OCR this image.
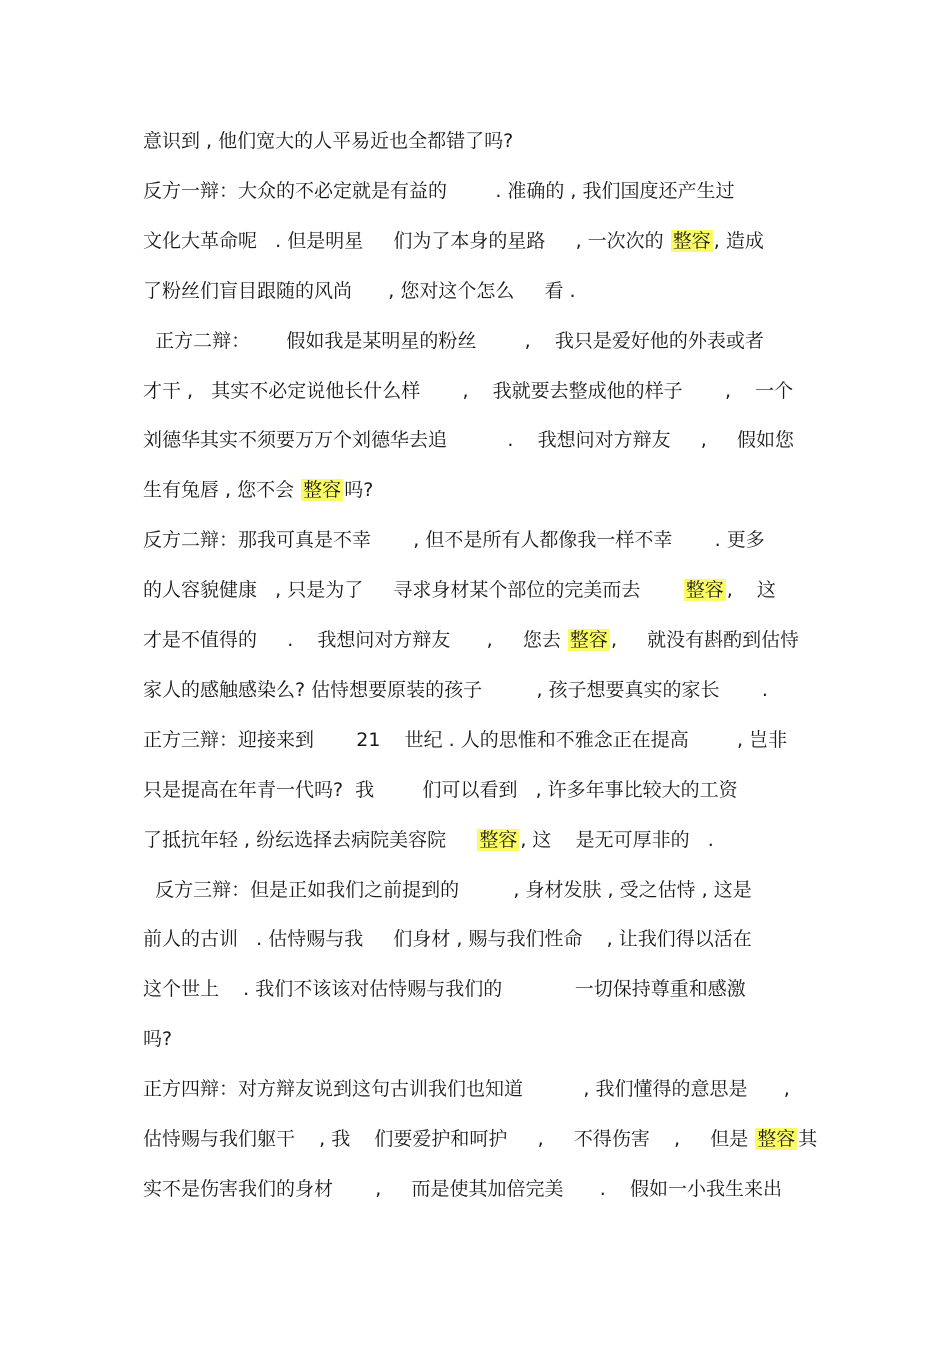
意识到 , 他们宽大的人平易近也全都错了吗?
反方一辩：大众的不必定就是有益的        . 准确的 , 我们国度还产生过
文化大革命呢   . 但是明星     们为了本身的星路     , 一次次的 整容 , 造成
了粉丝们盲目跟随的风尚      , 您对这个怎么     看 .
正方二辩：      假如我是某明星的粉丝        ,    我只是爱好他的外表或者
才干 ,   其实不必定说他长什么样       ,    我就要去整成他的样子       ,    一个
刘德华其实不须要万万个刘德华去追          .    我想问对方辩友     ,     假如您
生有兔唇 , 您不会 整容 吗?
反方二辩：那我可真是不幸       , 但不是所有人都像我一样不幸       . 更多
的人容貌健康   , 只是为了     寻求身材某个部位的完美而去       整容 ,    这
才是不值得的     .    我想问对方辩友      ,     您去 整容 ,     就没有斟酌到估恃
家人的感触感染么? 估恃想要原装的孩子         , 孩子想要真实的家长       .
正方三辩：迎接来到       21    世纪 . 人的思惟和不雅念正在提高        , 岂非
只是提高在年青一代吗?  我        们可以看到   , 许多年事比较大的工资
了抵抗年轻 , 纷纭选择去病院美容院     整容 , 这    是无可厚非的   .
反方三辩：但是正如我们之前提到的         , 身材发肤 , 受之估恃 , 这是
前人的古训   . 估恃赐与我     们身材 , 赐与我们性命    , 让我们得以活在
这个世上    . 我们不该该对估恃赐与我们的            一切保持尊重和感激
吗?
正方四辩：对方辩友说到这句古训我们也知道          , 我们懂得的意思是      ,
估恃赐与我们躯干    , 我    们要爱护和呵护     ,     不得伤害    ,     但是 整容 其
实不是伤害我们的身材       ,     而是使其加倍完美      .    假如一小我生来出
